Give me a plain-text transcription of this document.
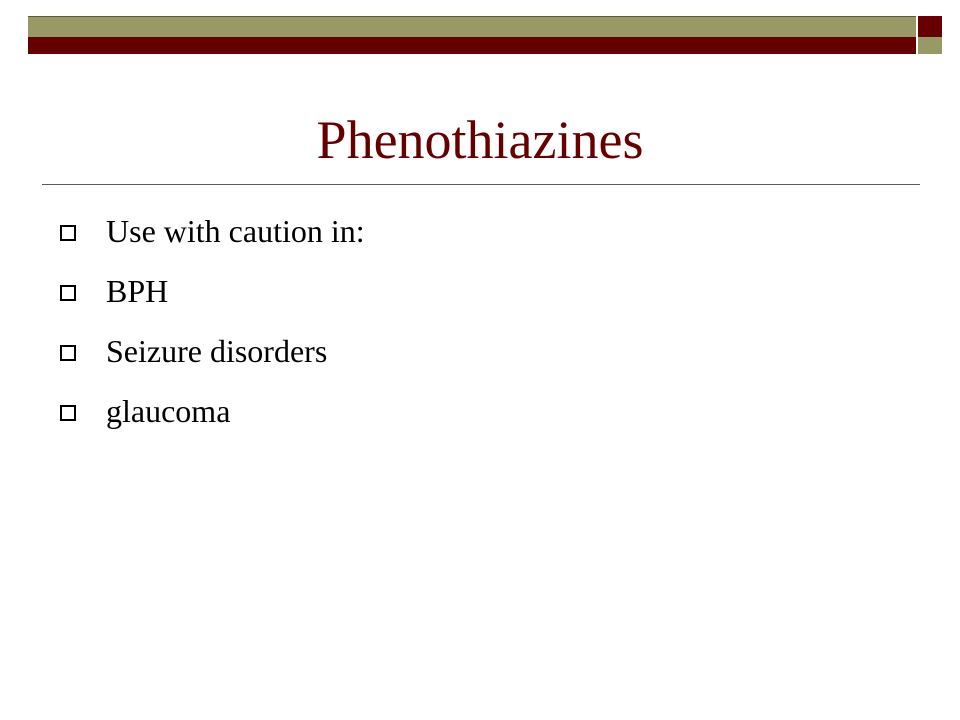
Phenothiazines
Use with caution in:
BPH
Seizure disorders
glaucoma
